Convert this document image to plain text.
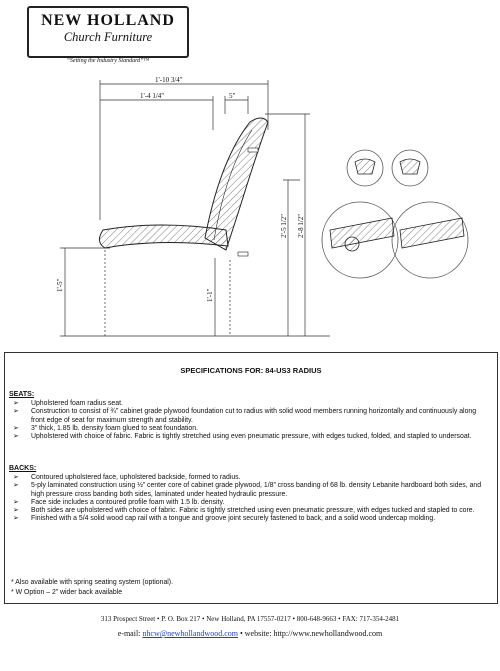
NEW HOLLAND
Church Furniture
“Setting the Industry Standard”™
1'-10 3/4"
1'-4 1/4"	5"
1'-5"
1'-1"
2'-5 1/2" 2'-8 1/2"
SPECIFICATIONS FOR: 84-US3 RADIUS
SEATS:
➢ Upholstered foam radius seat.
➢ Construction to consist of ¾” cabinet grade plywood foundation cut to radius with solid wood members running horizontally and continuously along front edge of seat for maximum strength and stability.
➢ 3” thick, 1.85 lb. density foam glued to seat foundation.
➢ Upholstered with choice of fabric. Fabric is tightly stretched using even pneumatic pressure, with edges tucked, folded, and stapled to undersoat.
BACKS:
➢ Contoured upholstered face, upholstered backside, formed to radius.
➢ 5-ply laminated construction using ½” center core of cabinet grade plywood, 1/8” cross banding of 68 lb. density Lebanite hardboard both sides, and high pressure cross banding both sides, laminated under heated hydraulic pressure.
➢ Face side includes a contoured profile foam with 1.5 lb. density.
➢ Both sides are upholstered with choice of fabric. Fabric is tightly stretched using even pneumatic pressure, with edges tucked and stapled to core.
➢ Finished with a 5/4 solid wood cap rail with a tongue and groove joint securely fastened to back, and a solid wood undercap molding.
* Also available with spring seating system (optional).
* W Option – 2” wider back available
313 Prospect Street • P. O. Box 217 • New Holland, PA 17557-0217 • 800-648-9663 • FAX: 717-354-2481
e-mail: nhcw@newhollandwood.com • website: http://www.newhollandwood.com
